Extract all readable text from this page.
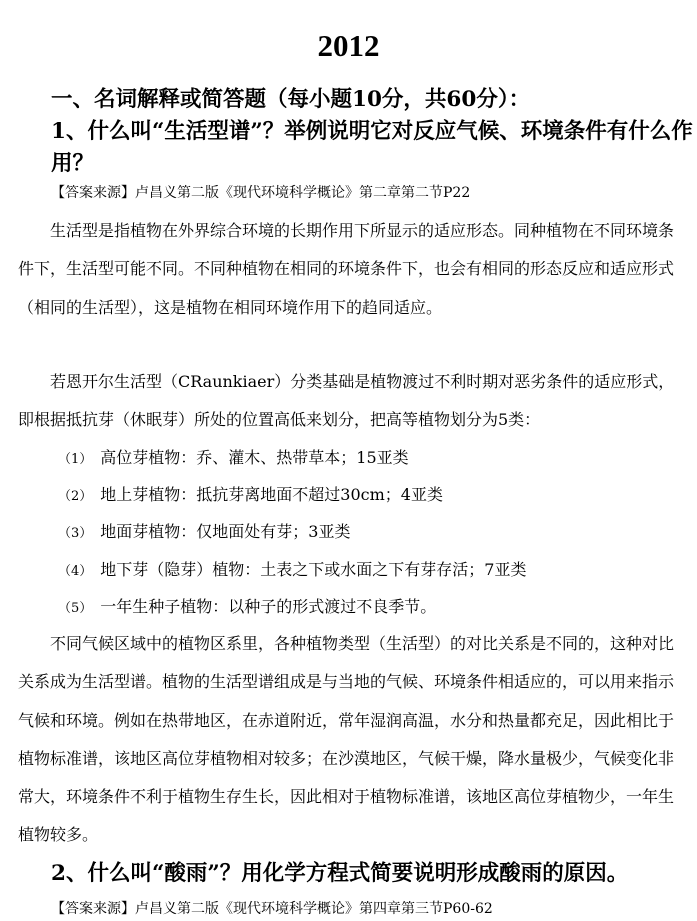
2012
一、名词解释或简答题（每小题10分，共60分）：
1、什么叫“生活型谱”？举例说明它对反应气候、环境条件有什么作用？
【答案来源】卢昌义第二版《现代环境科学概论》第二章第二节P22
生活型是指植物在外界综合环境的长期作用下所显示的适应形态。同种植物在不同环境条件下，生活型可能不同。不同种植物在相同的环境条件下，也会有相同的形态反应和适应形式（相同的生活型），这是植物在相同环境作用下的趋同适应。
若恩开尔生活型（CRaunkiaer）分类基础是植物渡过不利时期对恶劣条件的适应形式，即根据抵抗芽（休眠芽）所处的位置高低来划分，把高等植物划分为5类：
（1） 高位芽植物：乔、灌木、热带草本；15亚类
（2） 地上芽植物：抵抗芽离地面不超过30cm；4亚类
（3） 地面芽植物：仅地面处有芽；3亚类
（4） 地下芽（隐芽）植物：土表之下或水面之下有芽存活；7亚类
（5） 一年生种子植物：以种子的形式渡过不良季节。
不同气候区域中的植物区系里，各种植物类型（生活型）的对比关系是不同的，这种对比关系成为生活型谱。植物的生活型谱组成是与当地的气候、环境条件相适应的，可以用来指示气候和环境。例如在热带地区，在赤道附近，常年湿润高温，水分和热量都充足，因此相比于植物标准谱，该地区高位芽植物相对较多；在沙漠地区，气候干燥，降水量极少，气候变化非常大，环境条件不利于植物生存生长，因此相对于植物标准谱，该地区高位芽植物少，一年生植物较多。
2、什么叫“酸雨”？用化学方程式简要说明形成酸雨的原因。
【答案来源】卢昌义第二版《现代环境科学概论》第四章第三节P60-62
